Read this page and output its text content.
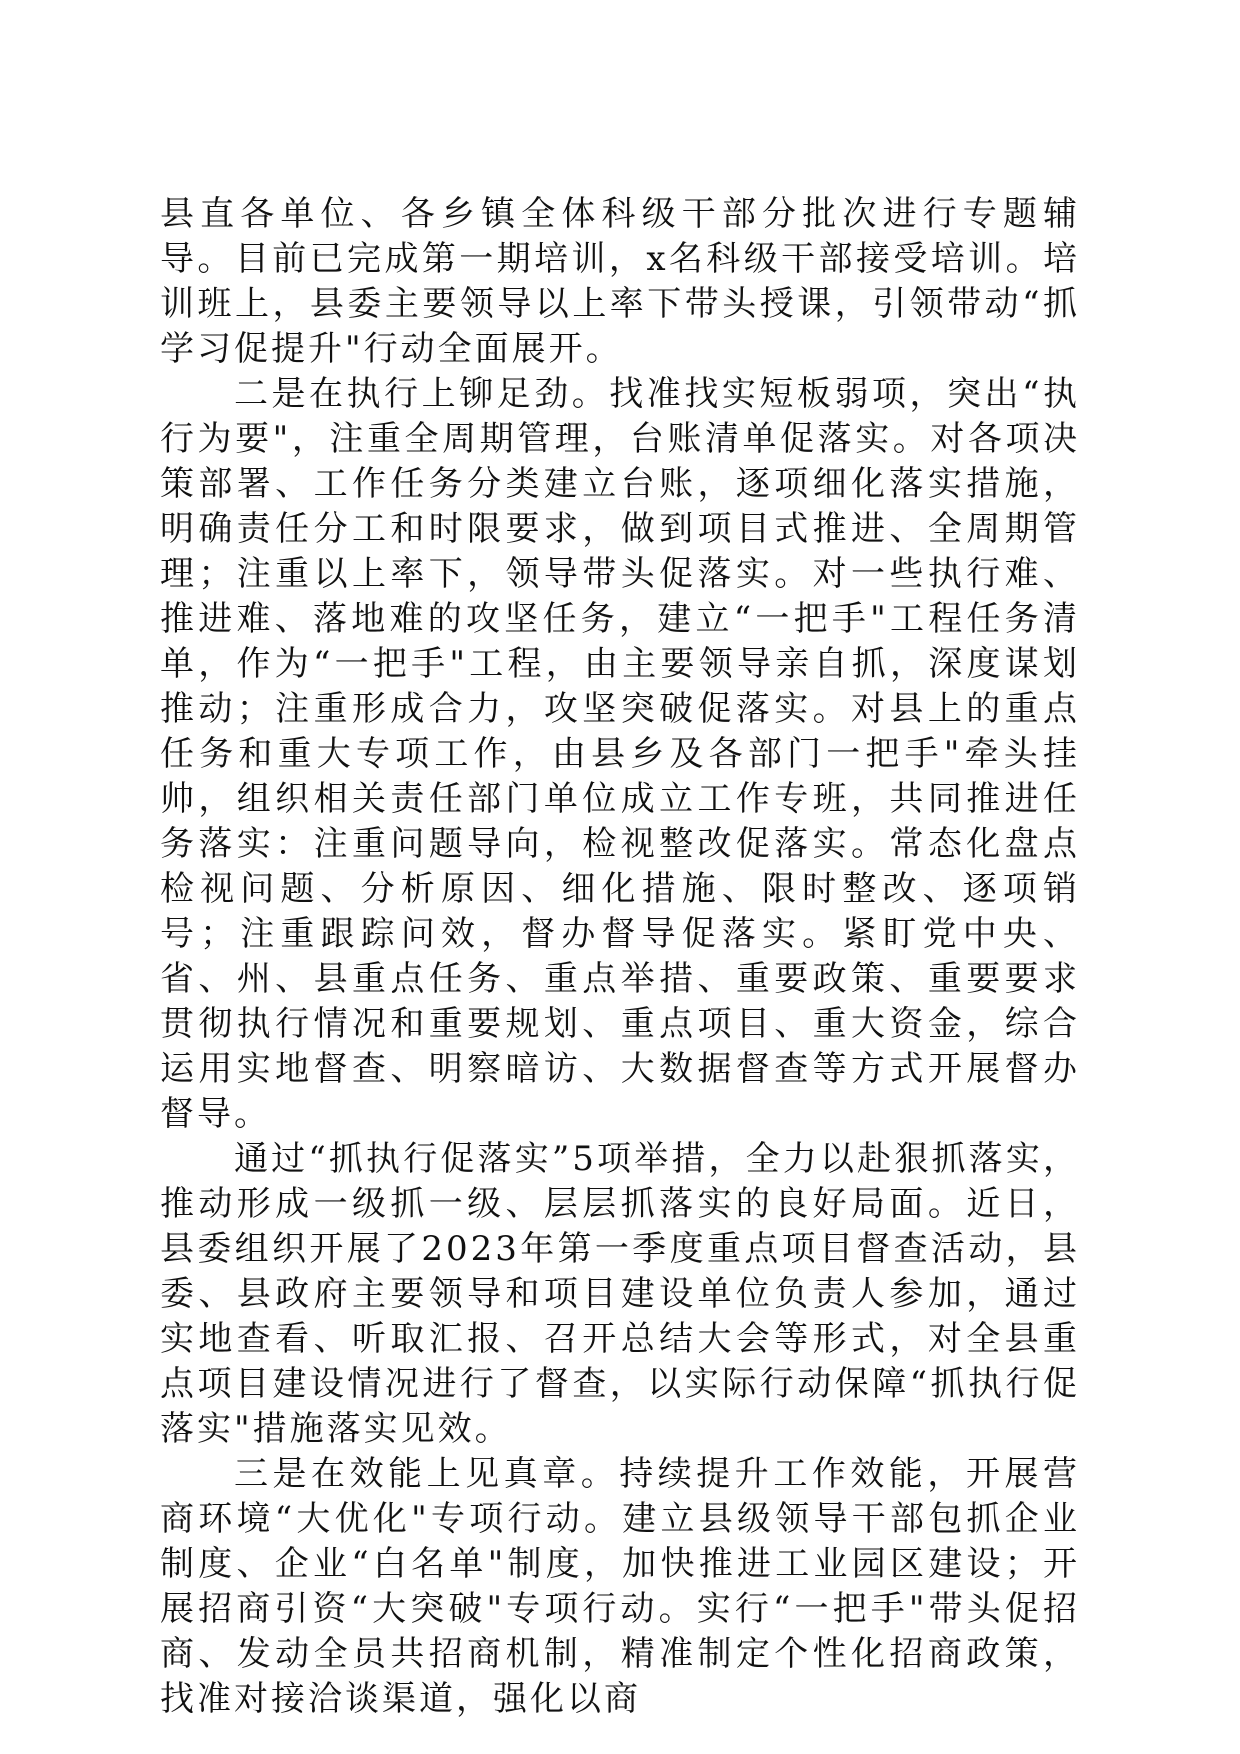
县直各单位、各乡镇全体科级干部分批次进行专题辅导。目前已完成第一期培训，x名科级干部接受培训。培训班上，县委主要领导以上率下带头授课，引领带动“抓学习促提升"行动全面展开。

二是在执行上铆足劲。找准找实短板弱项，突出“执行为要"，注重全周期管理，台账清单促落实。对各项决策部署、工作任务分类建立台账，逐项细化落实措施，明确责任分工和时限要求，做到项目式推进、全周期管理；注重以上率下，领导带头促落实。对一些执行难、推进难、落地难的攻坚任务，建立“一把手"工程任务清单，作为“一把手"工程，由主要领导亲自抓，深度谋划推动；注重形成合力，攻坚突破促落实。对县上的重点任务和重大专项工作，由县乡及各部门一把手"牵头挂帅，组织相关责任部门单位成立工作专班，共同推进任务落实：注重问题导向，检视整改促落实。常态化盘点检视问题、分析原因、细化措施、限时整改、逐项销号；注重跟踪问效，督办督导促落实。紧盯党中央、省、州、县重点任务、重点举措、重要政策、重要要求贯彻执行情况和重要规划、重点项目、重大资金，综合运用实地督查、明察暗访、大数据督查等方式开展督办督导。

通过“抓执行促落实”5项举措，全力以赴狠抓落实，推动形成一级抓一级、层层抓落实的良好局面。近日，县委组织开展了2023年第一季度重点项目督查活动，县委、县政府主要领导和项目建设单位负责人参加，通过实地查看、听取汇报、召开总结大会等形式，对全县重点项目建设情况进行了督查，以实际行动保障“抓执行促落实"措施落实见效。

三是在效能上见真章。持续提升工作效能，开展营商环境“大优化"专项行动。建立县级领导干部包抓企业制度、企业“白名单"制度，加快推进工业园区建设；开展招商引资“大突破"专项行动。实行“一把手"带头促招商、发动全员共招商机制，精准制定个性化招商政策，找准对接洽谈渠道，强化以商
